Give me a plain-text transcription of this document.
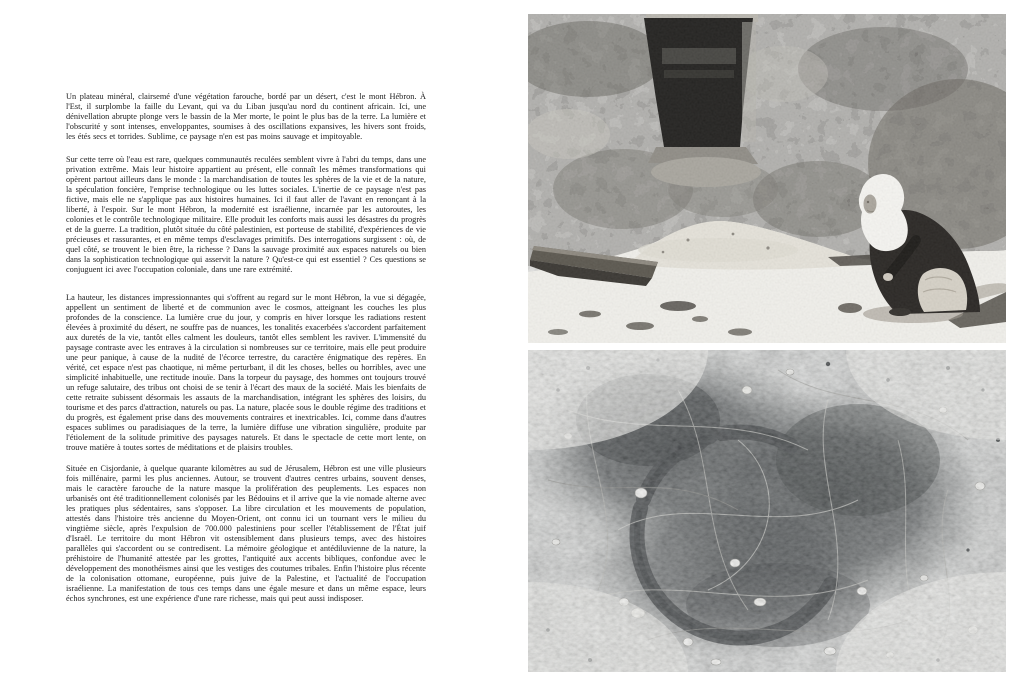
Un plateau minéral, clairsemé d'une végétation farouche, bordé par un désert, c'est le mont Hébron. À l'Est, il surplombe la faille du Levant, qui va du Liban jusqu'au nord du continent africain. Ici, une dénivellation abrupte plonge vers le bassin de la Mer morte, le point le plus bas de la terre. La lumière et l'obscurité y sont intenses, enveloppantes, soumises à des oscillations expansives, les hivers sont froids, les étés secs et torrides. Sublime, ce paysage n'en est pas moins sauvage et impitoyable.

Sur cette terre où l'eau est rare, quelques communautés reculées semblent vivre à l'abri du temps, dans une privation extrême. Mais leur histoire appartient au présent, elle connaît les mêmes transformations qui opèrent partout ailleurs dans le monde : la marchandisation de toutes les sphères de la vie et de la nature, la spéculation foncière, l'emprise technologique ou les luttes sociales. L'inertie de ce paysage n'est pas fictive, mais elle ne s'applique pas aux histoires humaines. Ici il faut aller de l'avant en renonçant à la liberté, à l'espoir. Sur le mont Hébron, la modernité est israélienne, incarnée par les autoroutes, les colonies et le contrôle technologique militaire. Elle produit les conforts mais aussi les désastres du progrès et de la guerre. La tradition, plutôt située du côté palestinien, est porteuse de stabilité, d'expériences de vie précieuses et rassurantes, et en même temps d'esclavages primitifs. Des interrogations surgissent : où, de quel côté, se trouvent le bien être, la richesse ? Dans la sauvage proximité aux espaces naturels ou bien dans la sophistication technologique qui asservit la nature ? Qu'est-ce qui est essentiel ? Ces questions se conjuguent ici avec l'occupation coloniale, dans une rare extrémité.

La hauteur, les distances impressionnantes qui s'offrent au regard sur le mont Hébron, la vue si dégagée, appellent un sentiment de liberté et de communion avec le cosmos, atteignant les couches les plus profondes de la conscience. La lumière crue du jour, y compris en hiver lorsque les radiations restent élevées à proximité du désert, ne souffre pas de nuances, les tonalités exacerbées s'accordent parfaitement aux duretés de la vie, tantôt elles calment les douleurs, tantôt elles semblent les raviver. L'immensité du paysage contraste avec les entraves à la circulation si nombreuses sur ce territoire, mais elle peut produire une peur panique, à cause de la nudité de l'écorce terrestre, du caractère énigmatique des repères. En vérité, cet espace n'est pas chaotique, ni même perturbant, il dit les choses, belles ou horribles, avec une simplicité inhabituelle, une rectitude inouïe. Dans la torpeur du paysage, des hommes ont toujours trouvé un refuge salutaire, des tribus ont choisi de se tenir à l'écart des maux de la société. Mais les bienfaits de cette retraite subissent désormais les assauts de la marchandisation, intégrant les sphères des loisirs, du tourisme et des parcs d'attraction, naturels ou pas. La nature, placée sous le double régime des traditions et du progrès, est également prise dans des mouvements contraires et inextricables. Ici, comme dans d'autres espaces sublimes ou paradisiaques de la terre, la lumière diffuse une vibration singulière, produite par l'étiolement de la solitude primitive des paysages naturels. Et dans le spectacle de cette mort lente, on trouve matière à toutes sortes de méditations et de plaisirs troubles.

Située en Cisjordanie, à quelque quarante kilomètres au sud de Jérusalem, Hébron est une ville plusieurs fois millénaire, parmi les plus anciennes. Autour, se trouvent d'autres centres urbains, souvent denses, mais le caractère farouche de la nature masque la prolifération des peuplements. Les espaces non urbanisés ont été traditionnellement colonisés par les Bédouins et il arrive que la vie nomade alterne avec les pratiques plus sédentaires, sans s'opposer. La libre circulation et les mouvements de population, attestés dans l'histoire très ancienne du Moyen-Orient, ont connu ici un tournant vers le milieu du vingtième siècle, après l'expulsion de 700.000 palestiniens pour sceller l'établissement de l'État juif d'Israël. Le territoire du mont Hébron vit ostensiblement dans plusieurs temps, avec des histoires parallèles qui s'accordent ou se contredisent. La mémoire géologique et antédiluvienne de la nature, la préhistoire de l'humanité attestée par les grottes, l'antiquité aux accents bibliques, confondue avec le développement des monothéismes ainsi que les vestiges des coutumes tribales. Enfin l'histoire plus récente de la colonisation ottomane, européenne, puis juive de la Palestine, et l'actualité de l'occupation israélienne. La manifestation de tous ces temps dans une égale mesure et dans un même espace, leurs échos synchrones, est une expérience d'une rare richesse, mais qui peut aussi indisposer.
